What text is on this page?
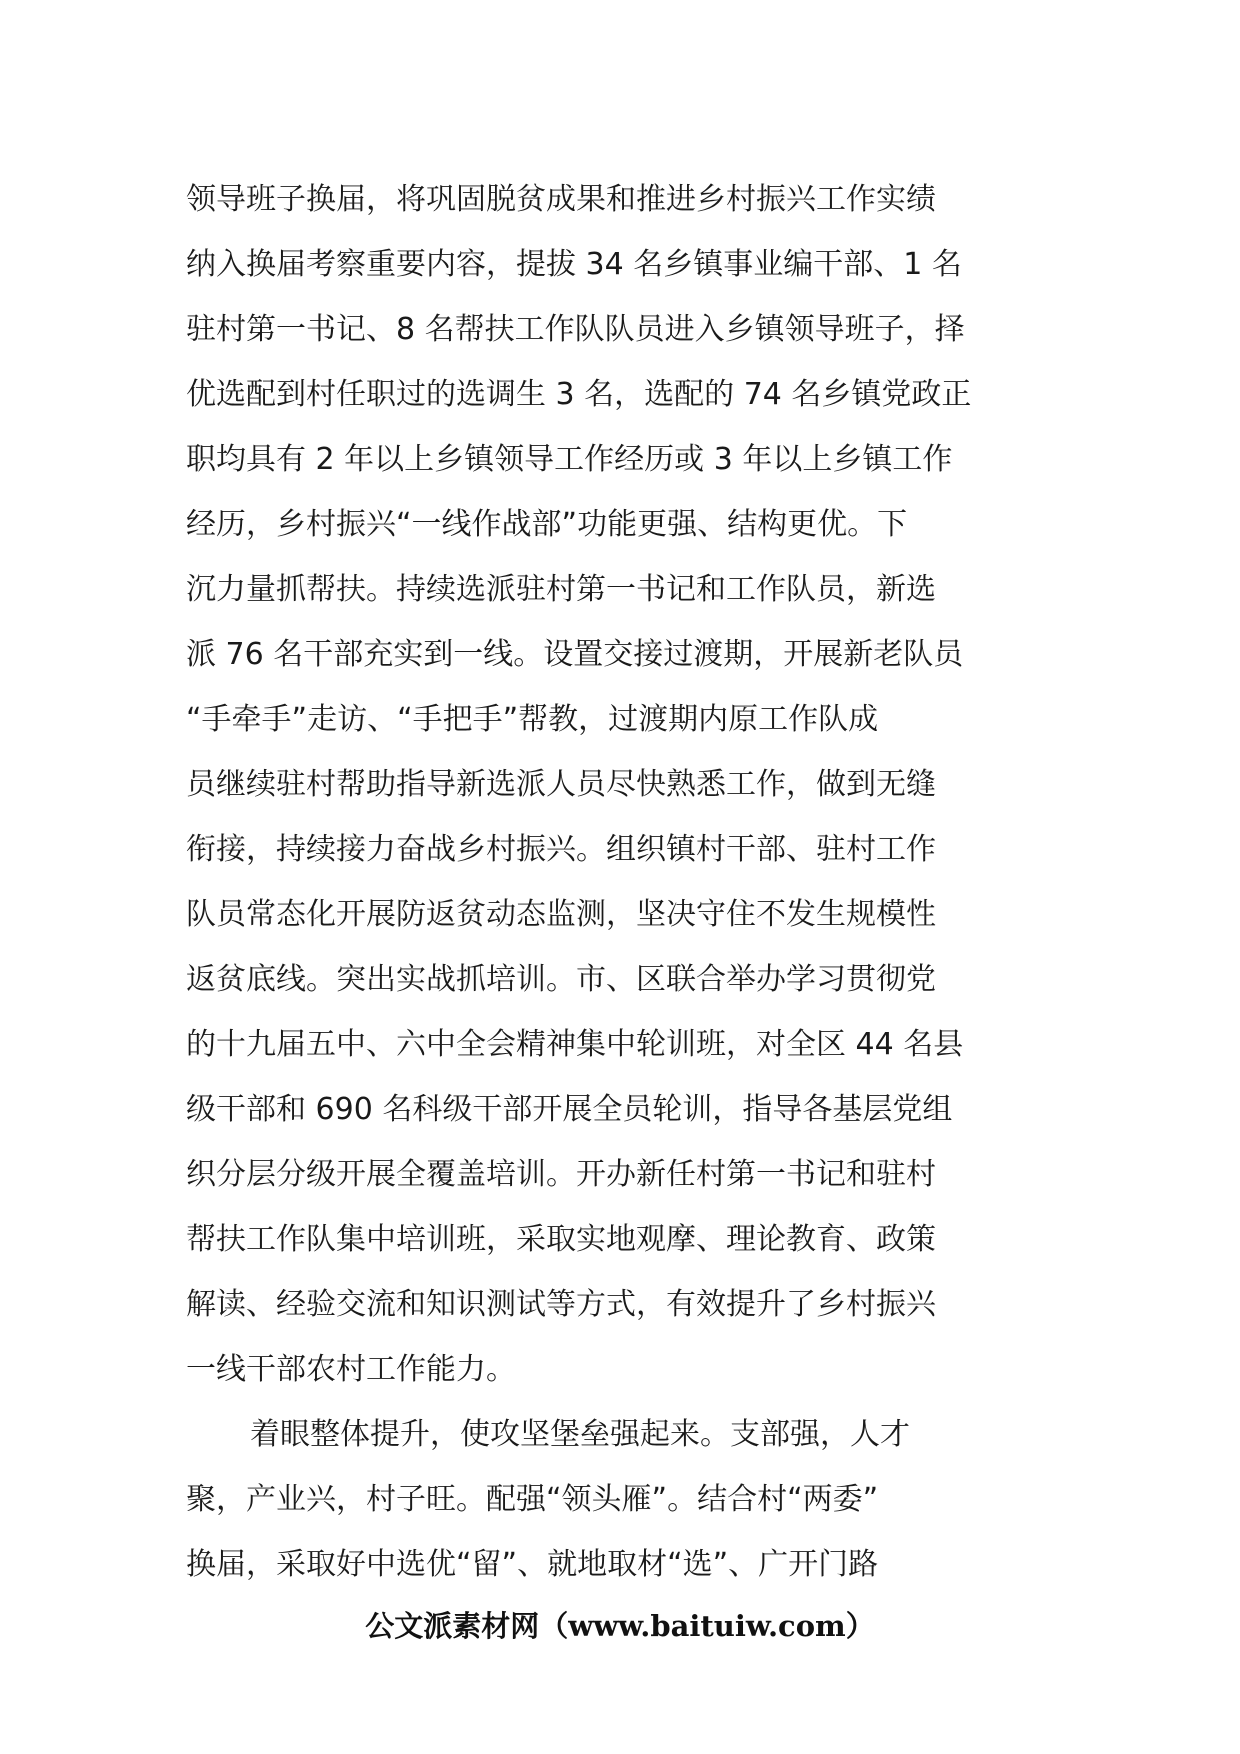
领导班子换届，将巩固脱贫成果和推进乡村振兴工作实绩
纳入换届考察重要内容，提拔 34 名乡镇事业编干部、1 名
驻村第一书记、8 名帮扶工作队队员进入乡镇领导班子，择
优选配到村任职过的选调生 3 名，选配的 74 名乡镇党政正
职均具有 2 年以上乡镇领导工作经历或 3 年以上乡镇工作
经历，乡村振兴“一线作战部”功能更强、结构更优。下
沉力量抓帮扶。持续选派驻村第一书记和工作队员，新选
派 76 名干部充实到一线。设置交接过渡期，开展新老队员
“手牵手”走访、“手把手”帮教，过渡期内原工作队成
员继续驻村帮助指导新选派人员尽快熟悉工作，做到无缝
衔接，持续接力奋战乡村振兴。组织镇村干部、驻村工作
队员常态化开展防返贫动态监测，坚决守住不发生规模性
返贫底线。突出实战抓培训。市、区联合举办学习贯彻党
的十九届五中、六中全会精神集中轮训班，对全区 44 名县
级干部和 690 名科级干部开展全员轮训，指导各基层党组
织分层分级开展全覆盖培训。开办新任村第一书记和驻村
帮扶工作队集中培训班，采取实地观摩、理论教育、政策
解读、经验交流和知识测试等方式，有效提升了乡村振兴
一线干部农村工作能力。
着眼整体提升，使攻坚堡垒强起来。支部强，人才
聚，产业兴，村子旺。配强“领头雁”。结合村“两委”
换届，采取好中选优“留”、就地取材“选”、广开门路
公文派素材网（www.baituiw.com）
